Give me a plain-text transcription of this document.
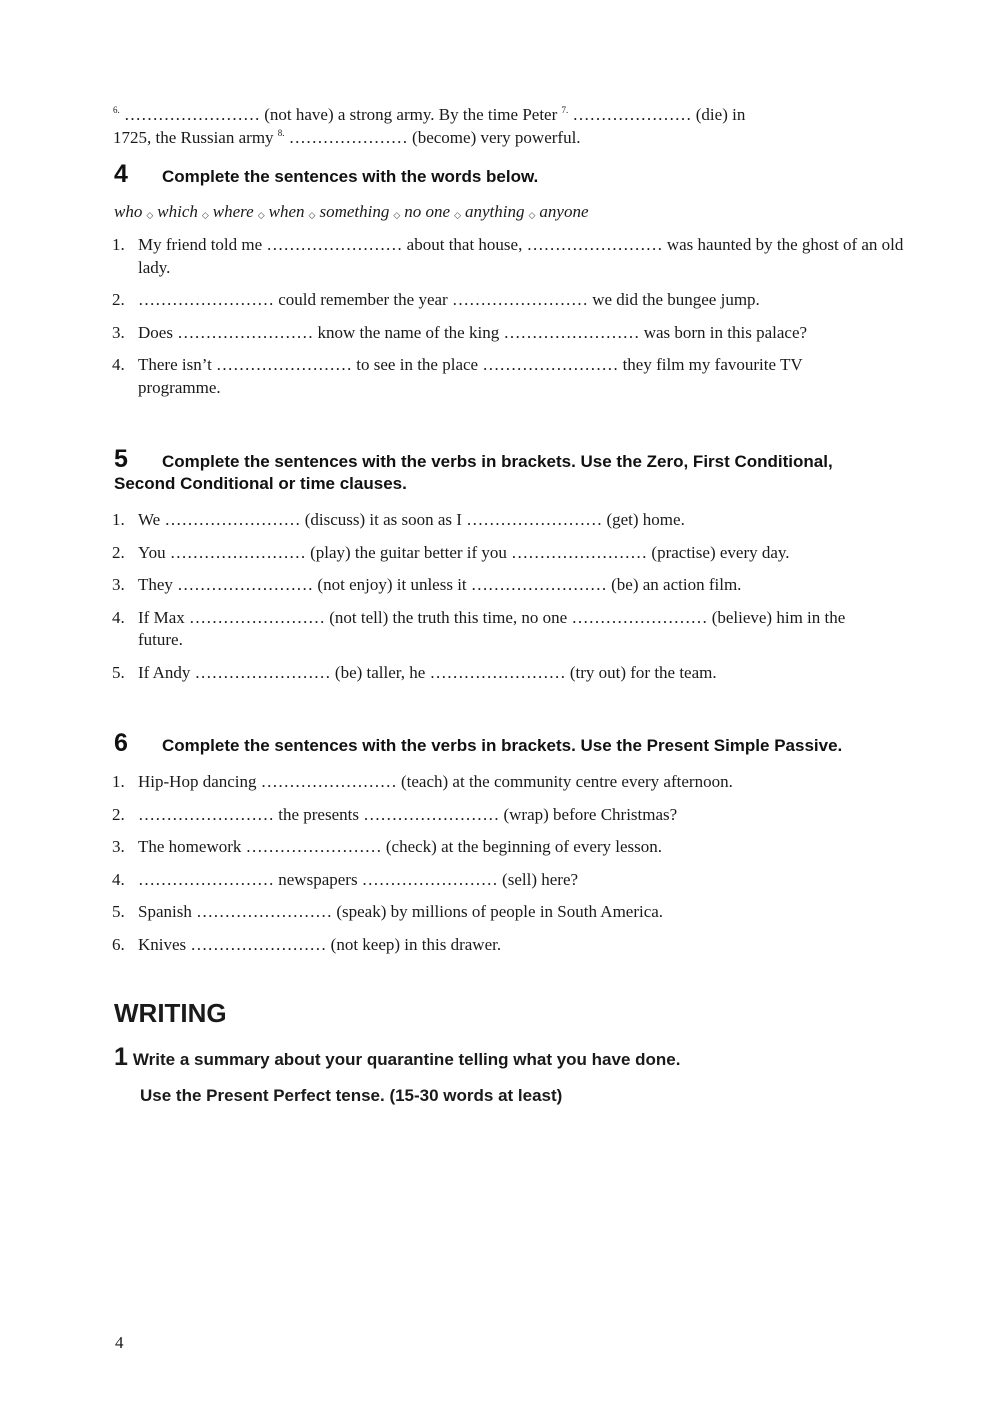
$^{6.}$ …………………… (not have) a strong army. By the time Peter $^{7.}$ ………………… (die) in
1725, the Russian army $^{8.}$ ………………… (become) very powerful.
4 Complete the sentences with the words below.
who ◇ which ◇ where ◇ when ◇ something ◇ no one ◇ anything ◇ anyone
1. My friend told me …………………… about that house, …………………… was haunted by the ghost of an old lady.
2. …………………… could remember the year …………………… we did the bungee jump.
3. Does …………………… know the name of the king …………………… was born in this palace?
4. There isn’t …………………… to see in the place …………………… they film my favourite TV programme.
5 Complete the sentences with the verbs in brackets. Use the Zero, First Conditional,
Second Conditional or time clauses.
1. We …………………… (discuss) it as soon as I …………………… (get) home.
2. You …………………… (play) the guitar better if you …………………… (practise) every day.
3. They …………………… (not enjoy) it unless it …………………… (be) an action film.
4. If Max …………………… (not tell) the truth this time, no one …………………… (believe) him in the future.
5. If Andy …………………… (be) taller, he …………………… (try out) for the team.
6 Complete the sentences with the verbs in brackets. Use the Present Simple Passive.
1. Hip-Hop dancing …………………… (teach) at the community centre every afternoon.
2. …………………… the presents …………………… (wrap) before Christmas?
3. The homework …………………… (check) at the beginning of every lesson.
4. …………………… newspapers …………………… (sell) here?
5. Spanish …………………… (speak) by millions of people in South America.
6. Knives …………………… (not keep) in this drawer.
WRITING
1 Write a summary about your quarantine telling what you have done.
Use the Present Perfect tense. (15-30 words at least)
4
